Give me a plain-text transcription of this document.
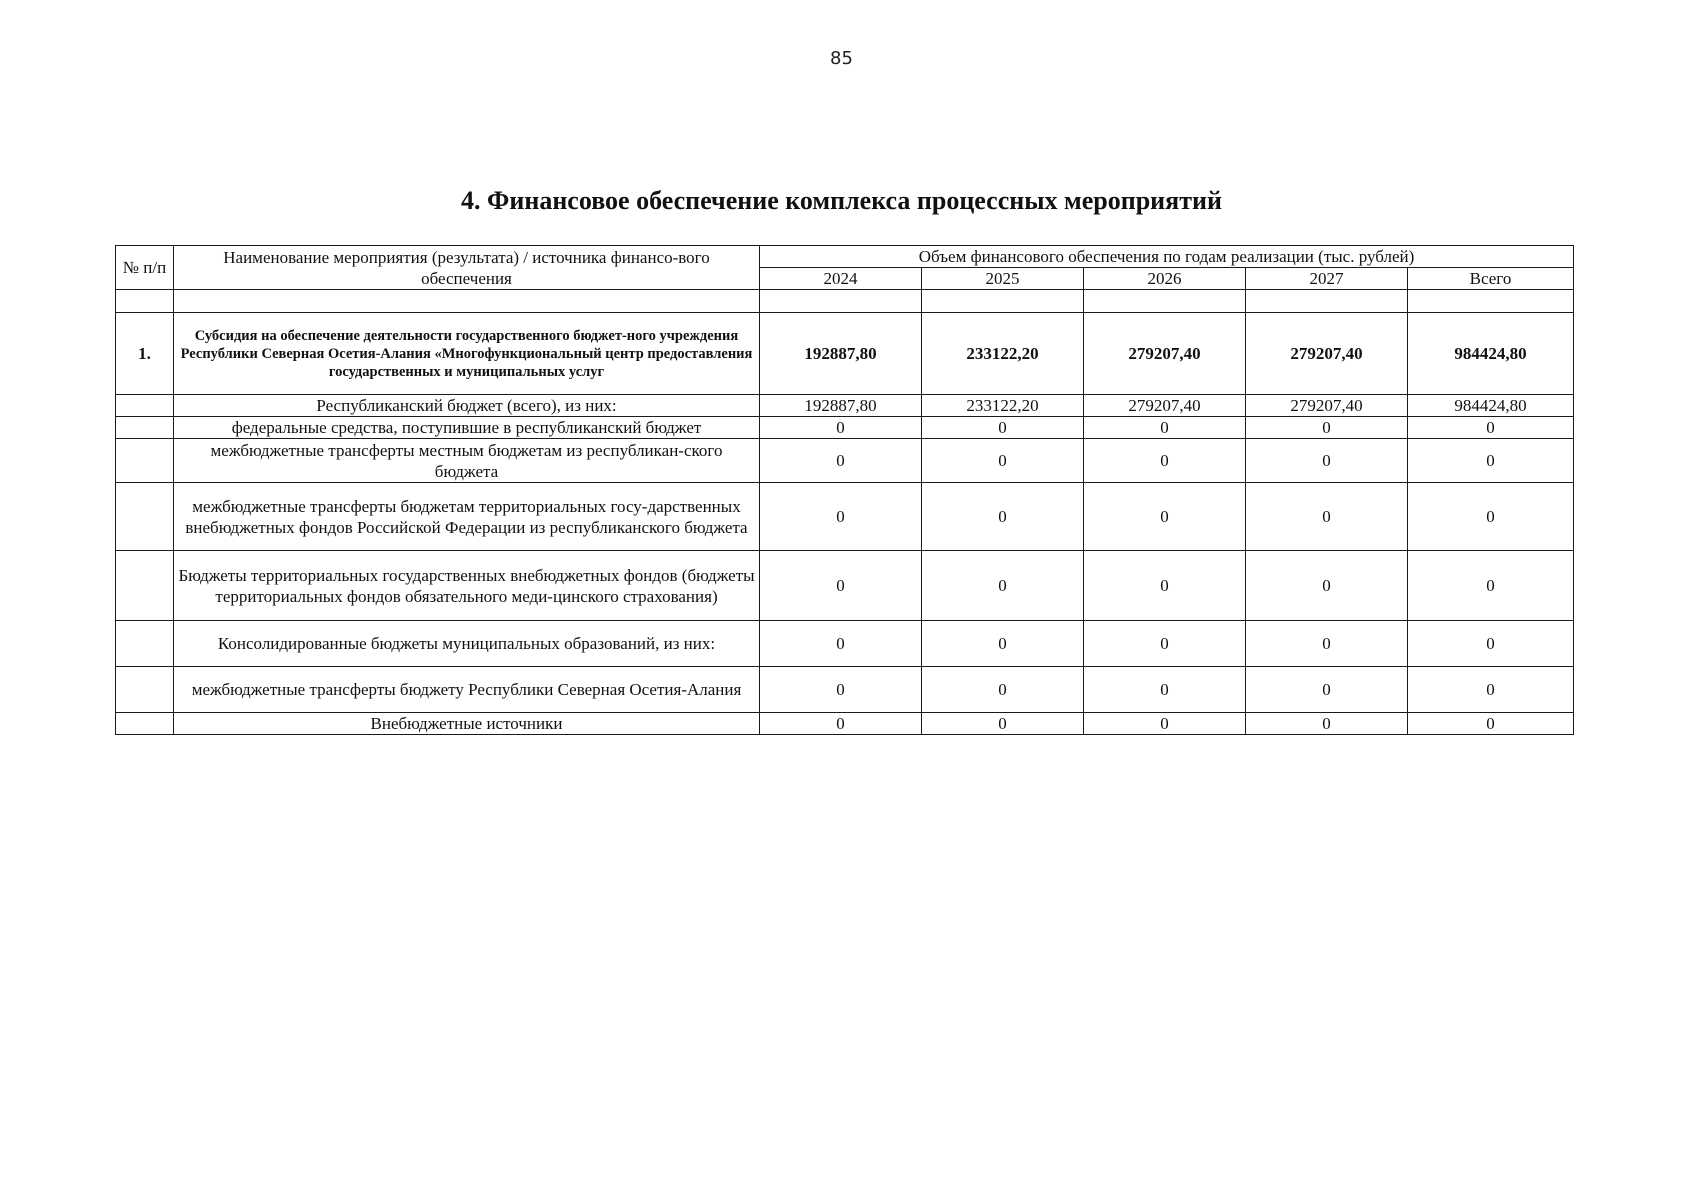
85
4. Финансовое обеспечение комплекса процессных мероприятий
№ п/п	Наименование мероприятия (результата) / источника финансо-вого обеспечения	Объем финансового обеспечения по годам реализации (тыс. рублей)				
		2024	2025	2026	2027	Всего

1.	Субсидия на обеспечение деятельности государственного бюджет-ного учреждения Республики Северная Осетия-Алания «Многофункциональный центр предоставления государственных и муниципальных услуг	192887,80	233122,20	279207,40	279207,40	984424,80
	Республиканский бюджет (всего), из них:	192887,80	233122,20	279207,40	279207,40	984424,80
	федеральные средства, поступившие в республиканский бюджет	0	0	0	0	0
	межбюджетные трансферты местным бюджетам из республикан-ского бюджета	0	0	0	0	0
	межбюджетные трансферты бюджетам территориальных госу-дарственных внебюджетных фондов Российской Федерации из республиканского бюджета	0	0	0	0	0
	Бюджеты территориальных государственных внебюджетных фондов (бюджеты территориальных фондов обязательного меди-цинского страхования)	0	0	0	0	0
	Консолидированные бюджеты муниципальных образований, из них:	0	0	0	0	0
	межбюджетные трансферты бюджету Республики Северная Осетия-Алания	0	0	0	0	0
	Внебюджетные источники	0	0	0	0	0
